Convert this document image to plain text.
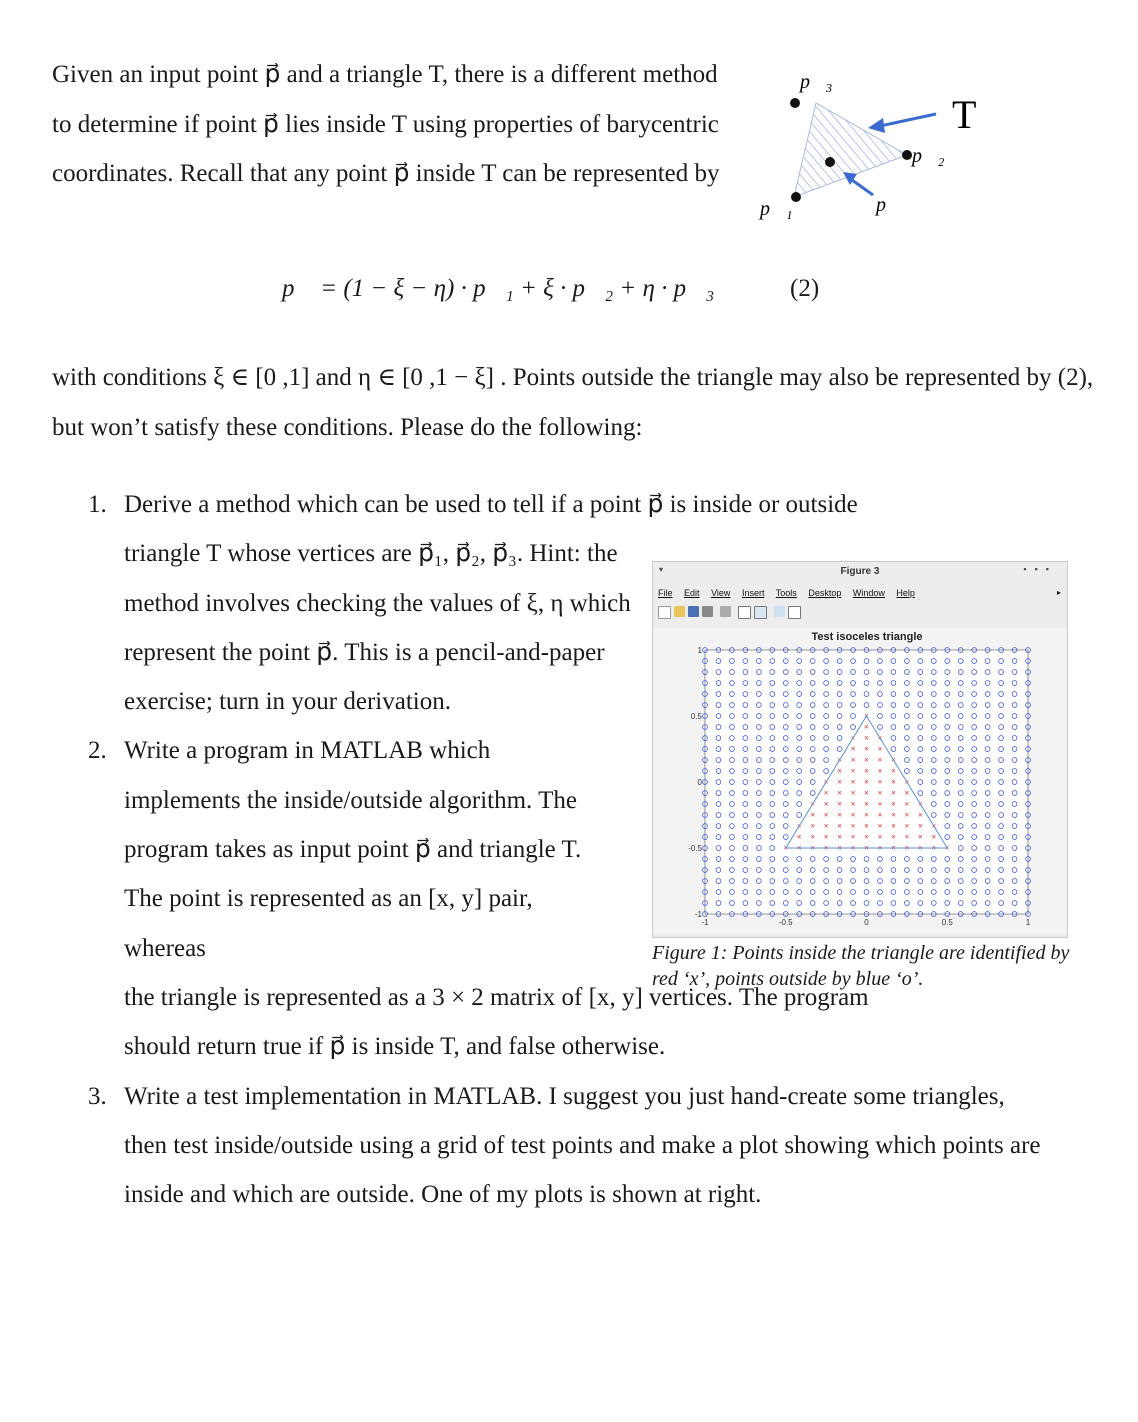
Given an input point p⃗ and a triangle T, there is a different method to determine if point p⃗ lies inside T using properties of barycentric coordinates. Recall that any point p⃗ inside T can be represented by

p⃗₃
T
p⃗₂
p⃗₁	p⃗
p⃗ = (1 − ξ − η) · p⃗₁ + ξ · p⃗₂ + η · p⃗₃	(2)

with conditions ξ ∈ [0 ,1] and η ∈ [0 ,1 − ξ] . Points outside the triangle may also be represented by (2), but won’t satisfy these conditions. Please do the following:

1. Derive a method which can be used to tell if a point p⃗ is inside or outside
triangle T whose vertices are p⃗₁, p⃗₂, p⃗₃. Hint: the method involves checking the values of ξ, η which represent the point p⃗. This is a pencil-and-paper exercise; turn in your derivation.
2. Write a program in MATLAB which implements the inside/outside algorithm. The program takes as input point p⃗ and triangle T. The point is represented as an [x, y] pair, whereas
the triangle is represented as a 3 × 2 matrix of [x, y] vertices. The program
should return true if p⃗ is inside T, and false otherwise.
3. Write a test implementation in MATLAB. I suggest you just hand-create some triangles, then test inside/outside using a grid of test points and make a plot showing which points are inside and which are outside. One of my plots is shown at right.
▾	Figure 3	▪▪▪
File Edit View Insert Tools Desktop Window Help	▸
Test isoceles triangle
× ×
×
×
×
×
×
×
×
×
×
×
×
×
×
×
×
×
×
×
×
×
×
×
×
×
×
×
×
×
×
×
×
×
×
×
×
×
×
×
×
×
×
×
×
×
×
×
×
×
×
×
×
×
×
×
×
×
×
×
×
×
×
×
×
×
×
×
×
×
×
×
×
×
×
×
×
×
×
×
×
×
×
×
×
-1	-0.5	0	0.5	1
1
0.5
0
-0.5
-1
Figure 1: Points inside the triangle are identified by red ‘x’, points outside by blue ‘o’.
